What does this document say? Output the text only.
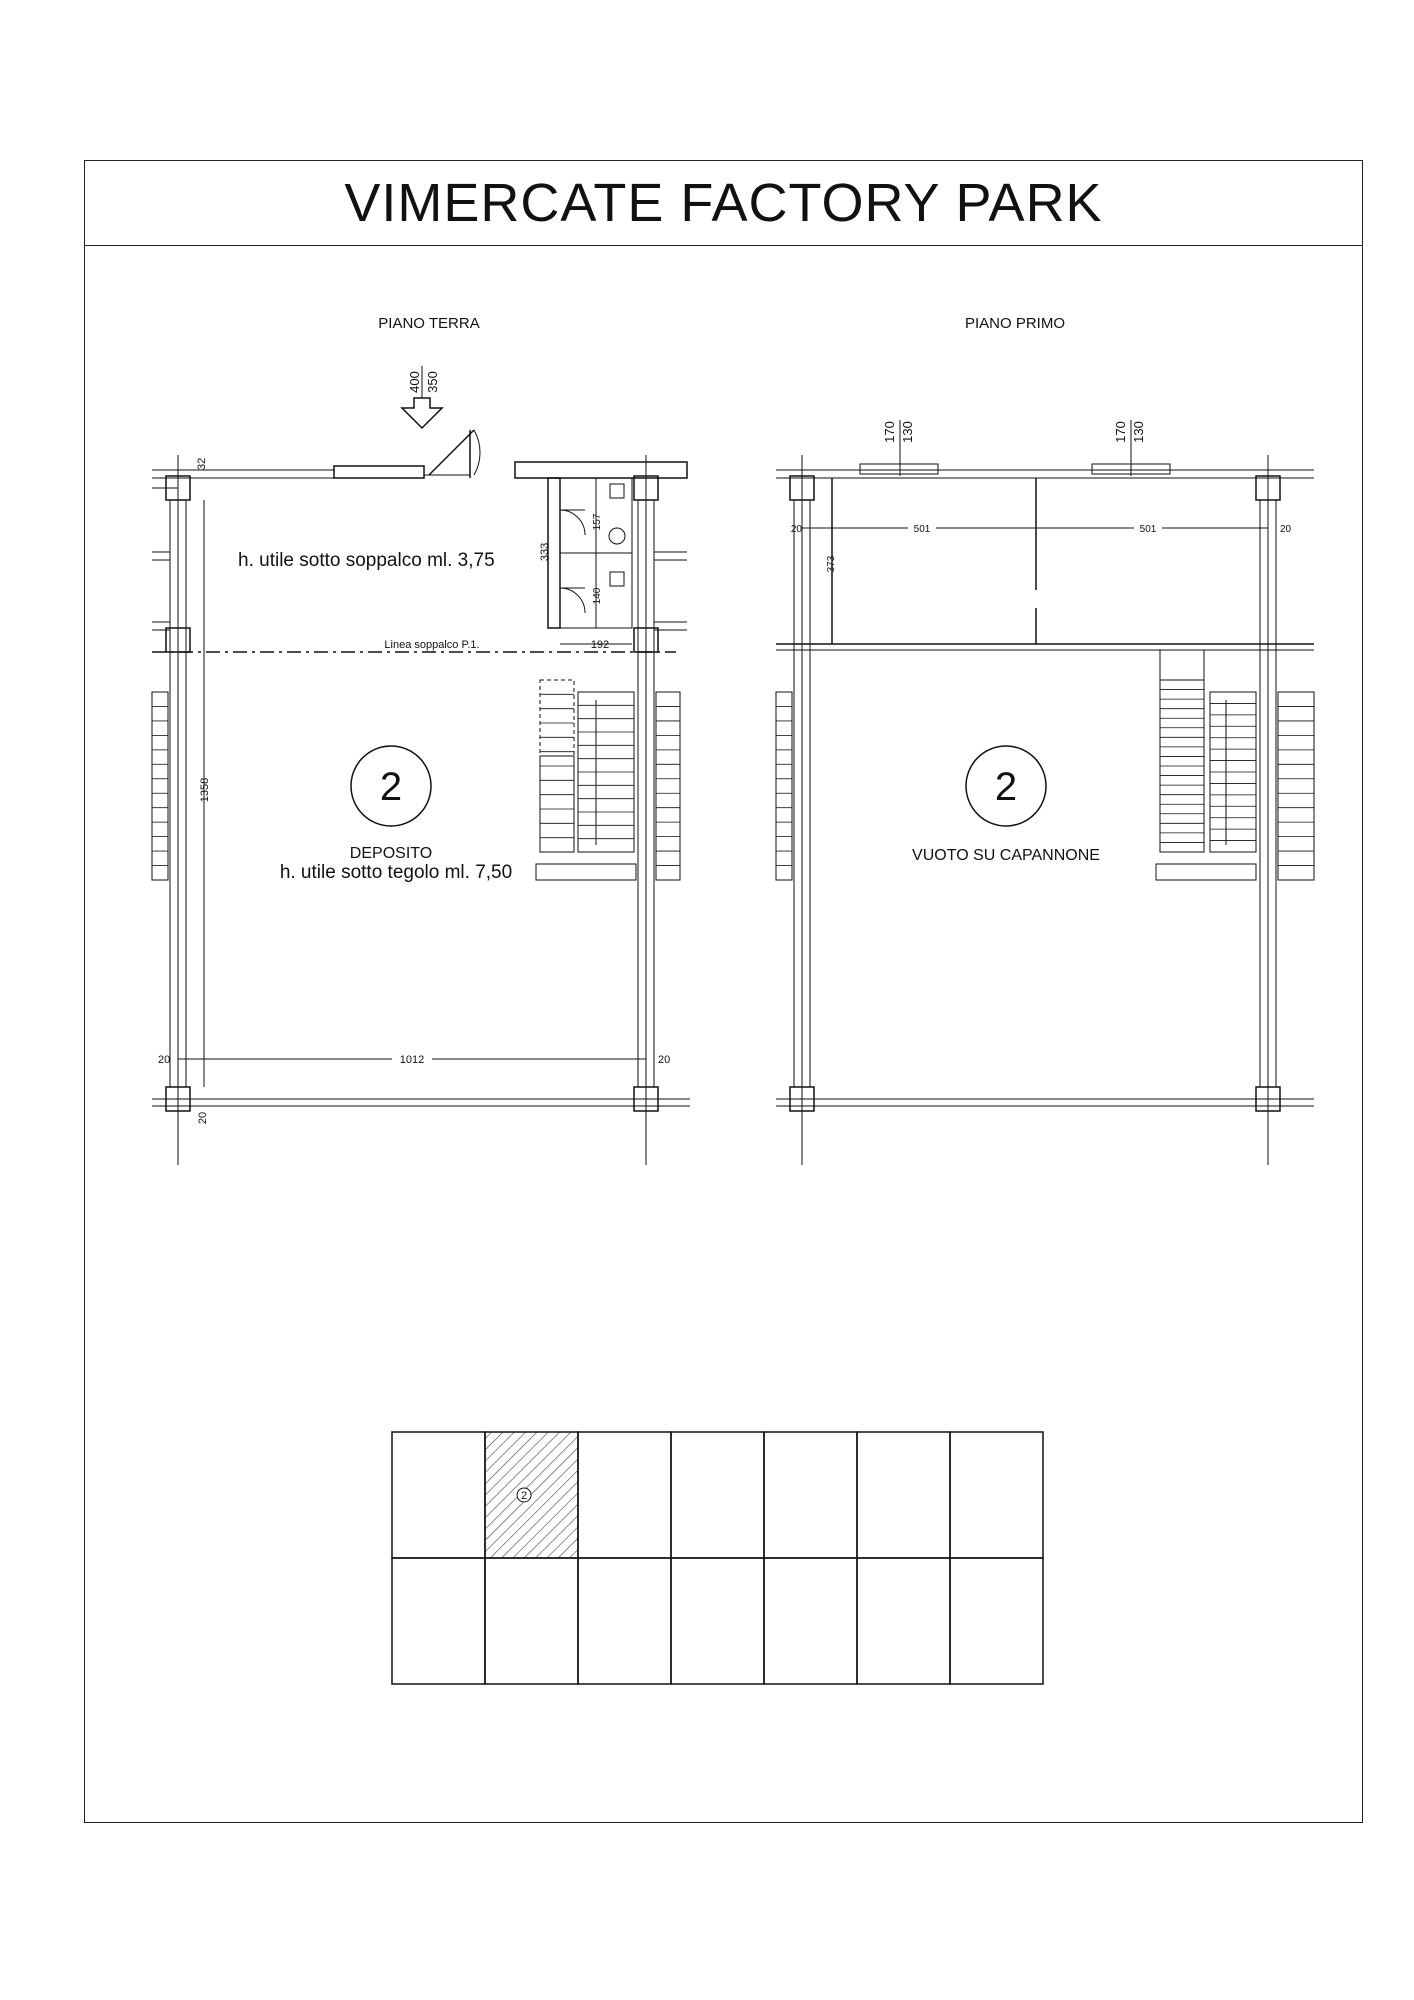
VIMERCATE FACTORY PARK
PIANO TERRA
400 350
32
333
157
140
192
h. utile sotto soppalco ml. 3,75
Linea soppalco P.1.
2
DEPOSITO
h. utile sotto tegolo ml. 7,50
1358
1012
20	20
20
PIANO PRIMO
170 130	170 130
20	501	501	20
373
2
VUOTO SU CAPANNONE
2
